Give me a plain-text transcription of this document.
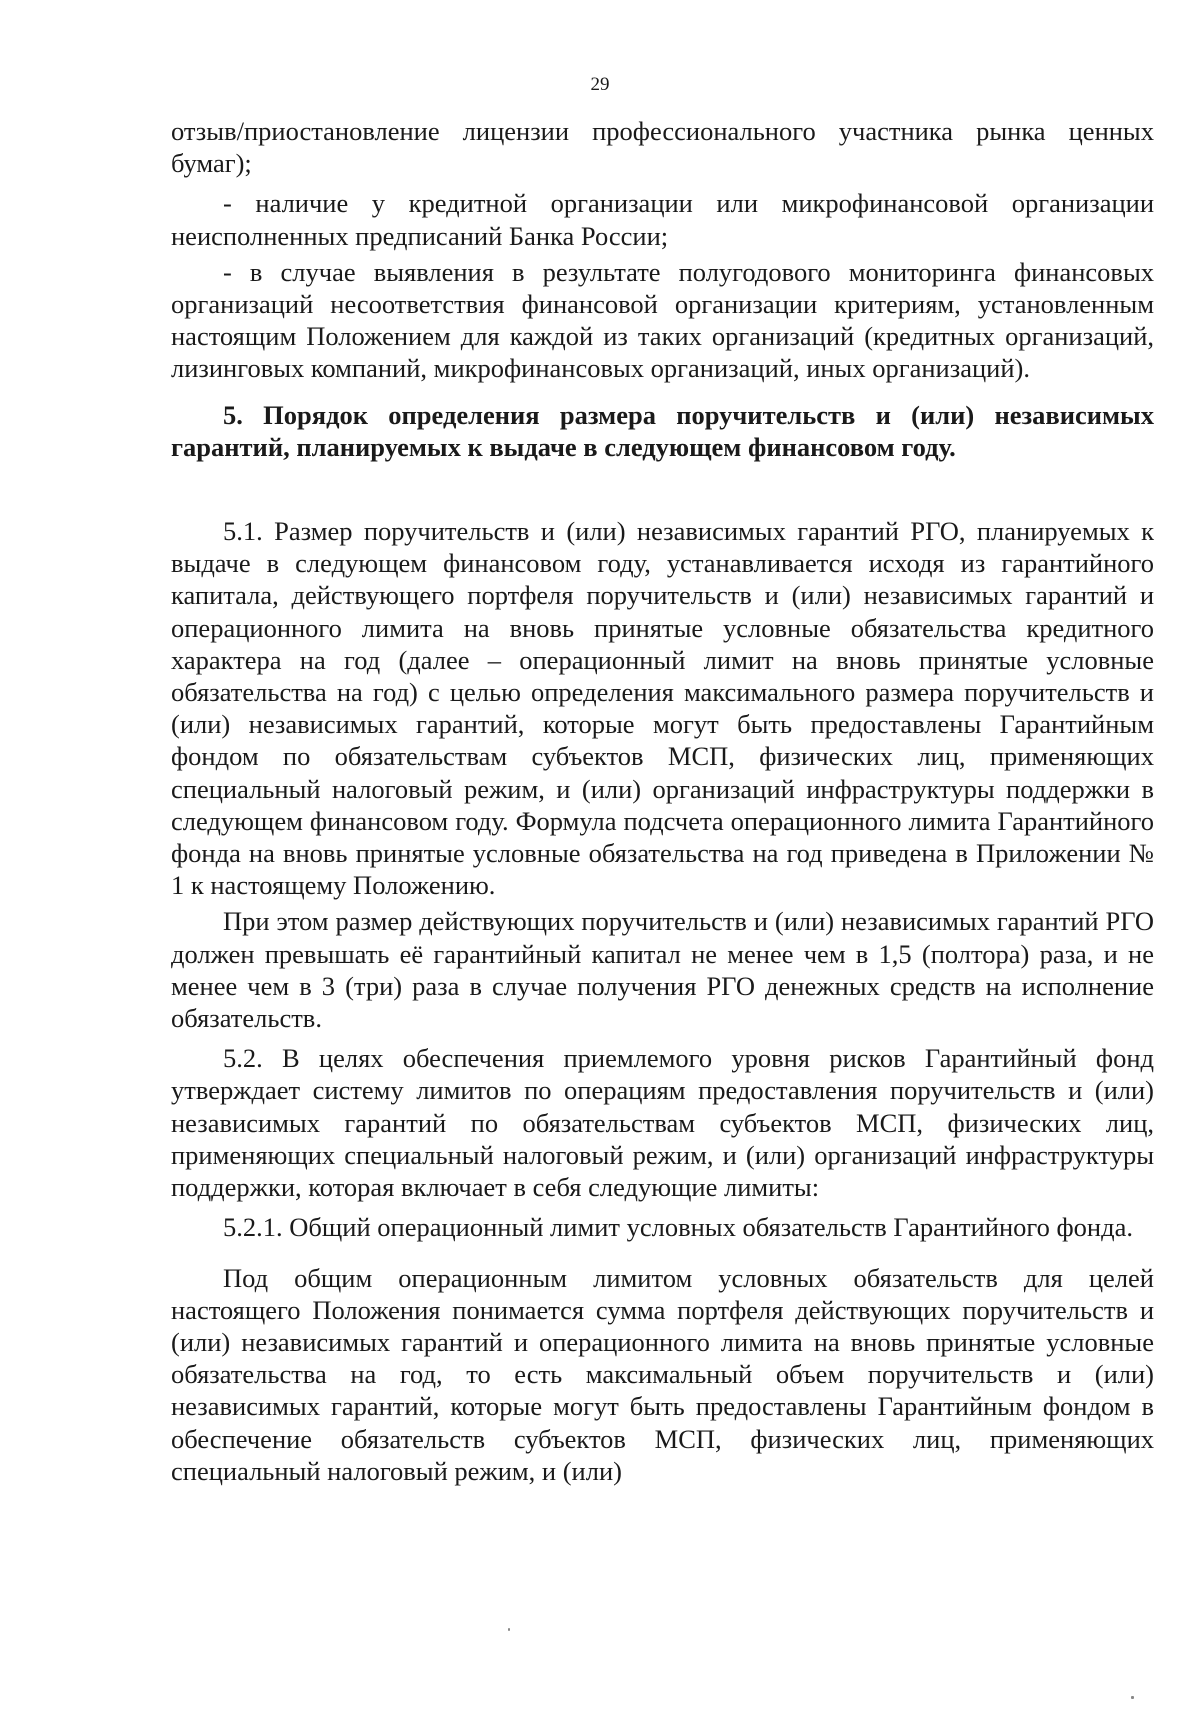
29

отзыв/приостановление лицензии профессионального участника рынка ценных бумаг);

- наличие у кредитной организации или микрофинансовой организации неисполненных предписаний Банка России;

- в случае выявления в результате полугодового мониторинга финансовых организаций несоответствия финансовой организации критериям, установленным настоящим Положением для каждой из таких организаций (кредитных организаций, лизинговых компаний, микрофинансовых организаций, иных организаций).

5. Порядок определения размера поручительств и (или) независимых гарантий, планируемых к выдаче в следующем финансовом году.

5.1. Размер поручительств и (или) независимых гарантий РГО, планируемых к выдаче в следующем финансовом году, устанавливается исходя из гарантийного капитала, действующего портфеля поручительств и (или) независимых гарантий и операционного лимита на вновь принятые условные обязательства кредитного характера на год (далее – операционный лимит на вновь принятые условные обязательства на год) с целью определения максимального размера поручительств и (или) независимых гарантий, которые могут быть предоставлены Гарантийным фондом по обязательствам субъектов МСП, физических лиц, применяющих специальный налоговый режим, и (или) организаций инфраструктуры поддержки в следующем финансовом году. Формула подсчета операционного лимита Гарантийного фонда на вновь принятые условные обязательства на год приведена в Приложении № 1 к настоящему Положению.

При этом размер действующих поручительств и (или) независимых гарантий РГО должен превышать её гарантийный капитал не менее чем в 1,5 (полтора) раза, и не менее чем в 3 (три) раза в случае получения РГО денежных средств на исполнение обязательств.

5.2. В целях обеспечения приемлемого уровня рисков Гарантийный фонд утверждает систему лимитов по операциям предоставления поручительств и (или) независимых гарантий по обязательствам субъектов МСП, физических лиц, применяющих специальный налоговый режим, и (или) организаций инфраструктуры поддержки, которая включает в себя следующие лимиты:

5.2.1. Общий операционный лимит условных обязательств Гарантийного фонда.

Под общим операционным лимитом условных обязательств для целей настоящего Положения понимается сумма портфеля действующих поручительств и (или) независимых гарантий и операционного лимита на вновь принятые условные обязательства на год, то есть максимальный объем поручительств и (или) независимых гарантий, которые могут быть предоставлены Гарантийным фондом в обеспечение обязательств субъектов МСП, физических лиц, применяющих специальный налоговый режим, и (или)
